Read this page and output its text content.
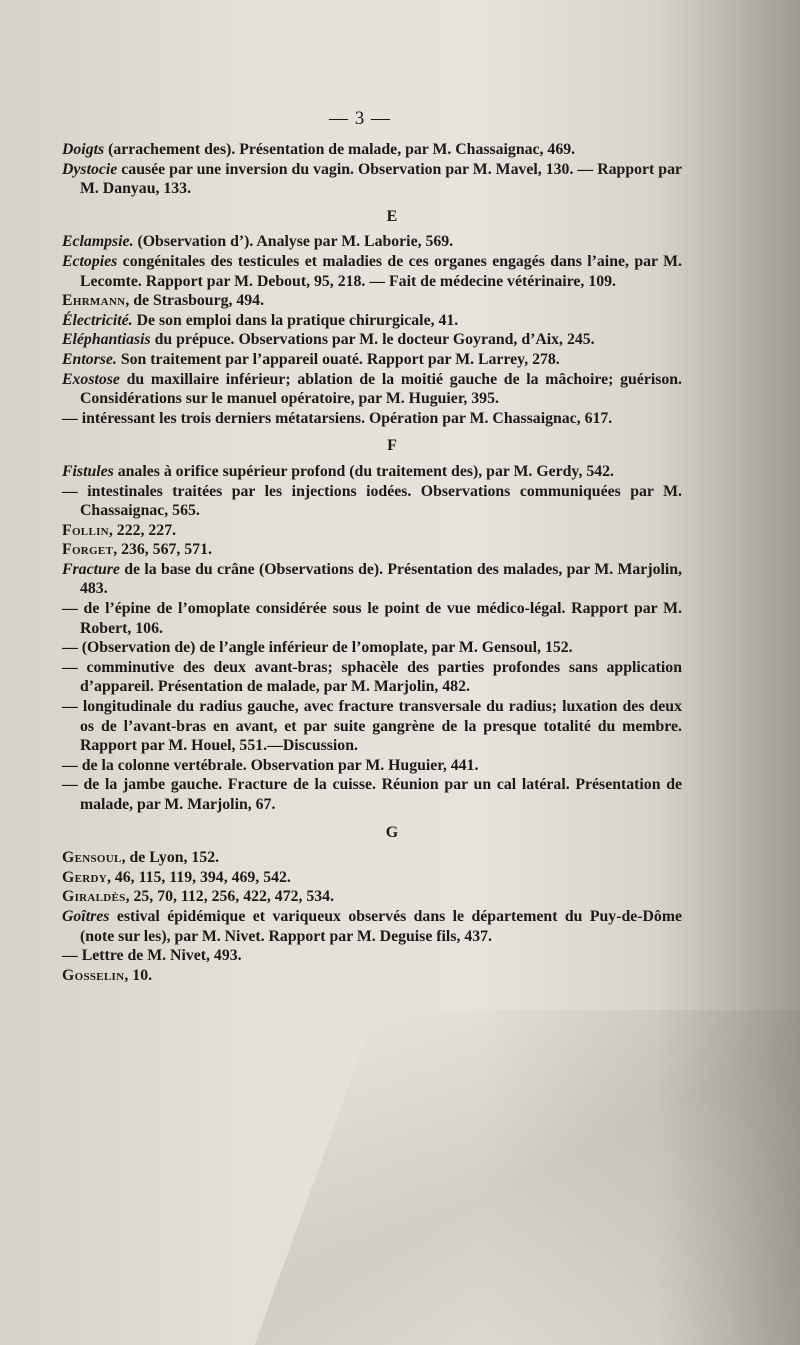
— 3 —

Doigts (arrachement des). Présentation de malade, par M. Chassaignac, 469.

Dystocie causée par une inversion du vagin. Observation par M. Mavel, 130. — Rapport par M. Danyau, 133.

E

Eclampsie. (Observation d’). Analyse par M. Laborie, 569.

Ectopies congénitales des testicules et maladies de ces organes engagés dans l’aine, par M. Lecomte. Rapport par M. Debout, 95, 218. — Fait de médecine vétérinaire, 109.

Ehrmann, de Strasbourg, 494.

Électricité. De son emploi dans la pratique chirurgicale, 41.

Eléphantiasis du prépuce. Observations par M. le docteur Goyrand, d’Aix, 245.

Entorse. Son traitement par l’appareil ouaté. Rapport par M. Larrey, 278.

Exostose du maxillaire inférieur; ablation de la moitié gauche de la mâchoire; guérison. Considérations sur le manuel opératoire, par M. Huguier, 395.

— intéressant les trois derniers métatarsiens. Opération par M. Chassaignac, 617.

F

Fistules anales à orifice supérieur profond (du traitement des), par M. Gerdy, 542.

— intestinales traitées par les injections iodées. Observations communiquées par M. Chassaignac, 565.

Follin, 222, 227.

Forget, 236, 567, 571.

Fracture de la base du crâne (Observations de). Présentation des malades, par M. Marjolin, 483.

— de l’épine de l’omoplate considérée sous le point de vue médico-légal. Rapport par M. Robert, 106.

— (Observation de) de l’angle inférieur de l’omoplate, par M. Gensoul, 152.

— comminutive des deux avant-bras; sphacèle des parties profondes sans application d’appareil. Présentation de malade, par M. Marjolin, 482.

— longitudinale du radius gauche, avec fracture transversale du radius; luxation des deux os de l’avant-bras en avant, et par suite gangrène de la presque totalité du membre. Rapport par M. Houel, 551.—Discussion.

— de la colonne vertébrale. Observation par M. Huguier, 441.

— de la jambe gauche. Fracture de la cuisse. Réunion par un cal latéral. Présentation de malade, par M. Marjolin, 67.

G

Gensoul, de Lyon, 152.

Gerdy, 46, 115, 119, 394, 469, 542.

Giraldès, 25, 70, 112, 256, 422, 472, 534.

Goîtres estival épidémique et variqueux observés dans le département du Puy-de-Dôme (note sur les), par M. Nivet. Rapport par M. Deguise fils, 437.

— Lettre de M. Nivet, 493.

Gosselin, 10.
